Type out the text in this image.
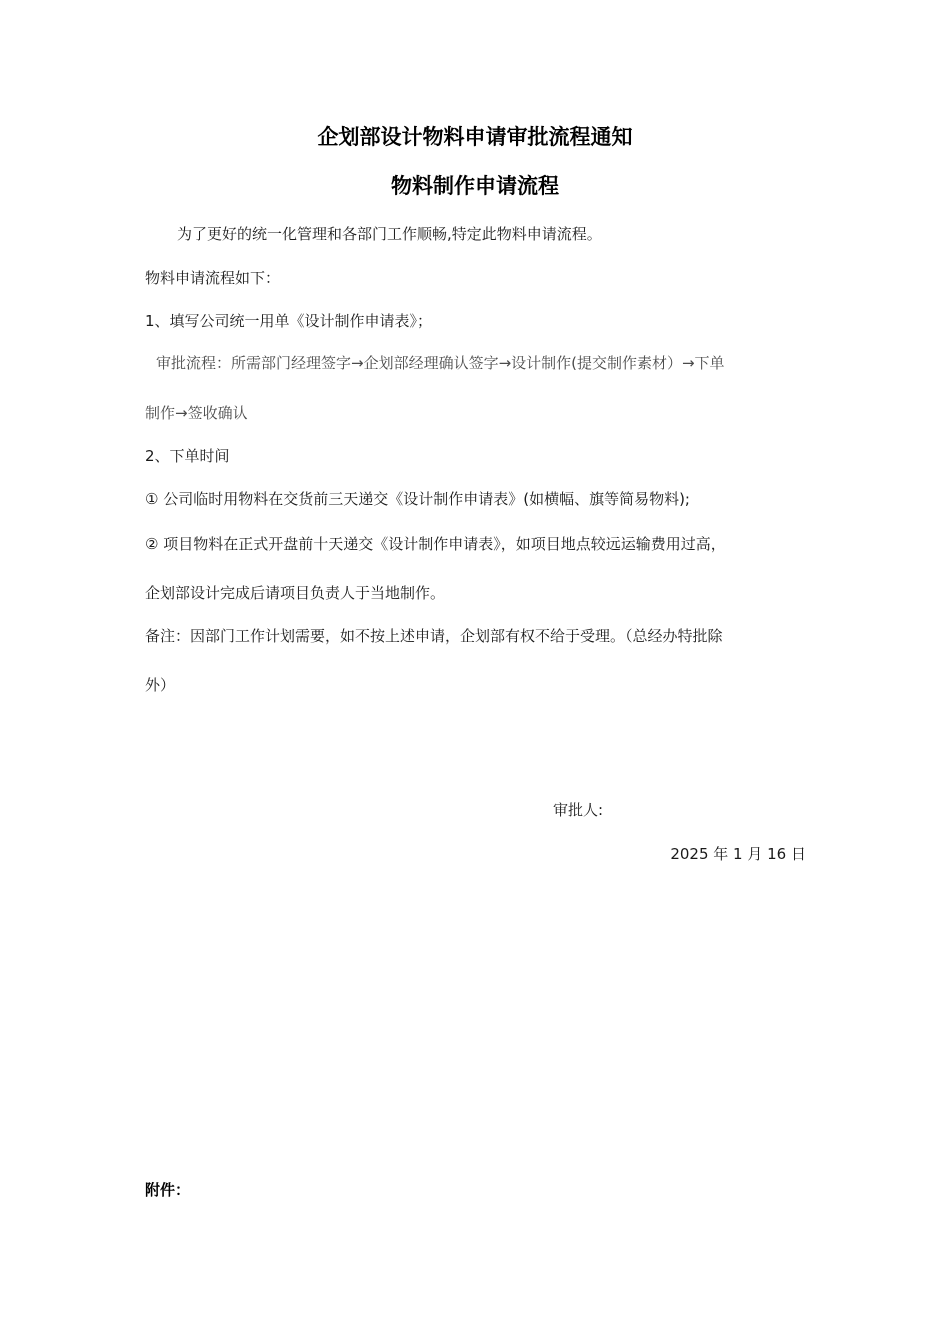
企划部设计物料申请审批流程通知
物料制作申请流程
为了更好的统一化管理和各部门工作顺畅,特定此物料申请流程。
物料申请流程如下：
1、填写公司统一用单《设计制作申请表》；
审批流程：所需部门经理签字→企划部经理确认签字→设计制作(提交制作素材）→下单
制作→签收确认
2、下单时间
① 公司临时用物料在交货前三天递交《设计制作申请表》(如横幅、旗等简易物料);
② 项目物料在正式开盘前十天递交《设计制作申请表》，如项目地点较远运输费用过高，
企划部设计完成后请项目负责人于当地制作。
备注：因部门工作计划需要，如不按上述申请，企划部有权不给于受理。（总经办特批除
外）
审批人:
2025 年 1 月 16 日
附件：
